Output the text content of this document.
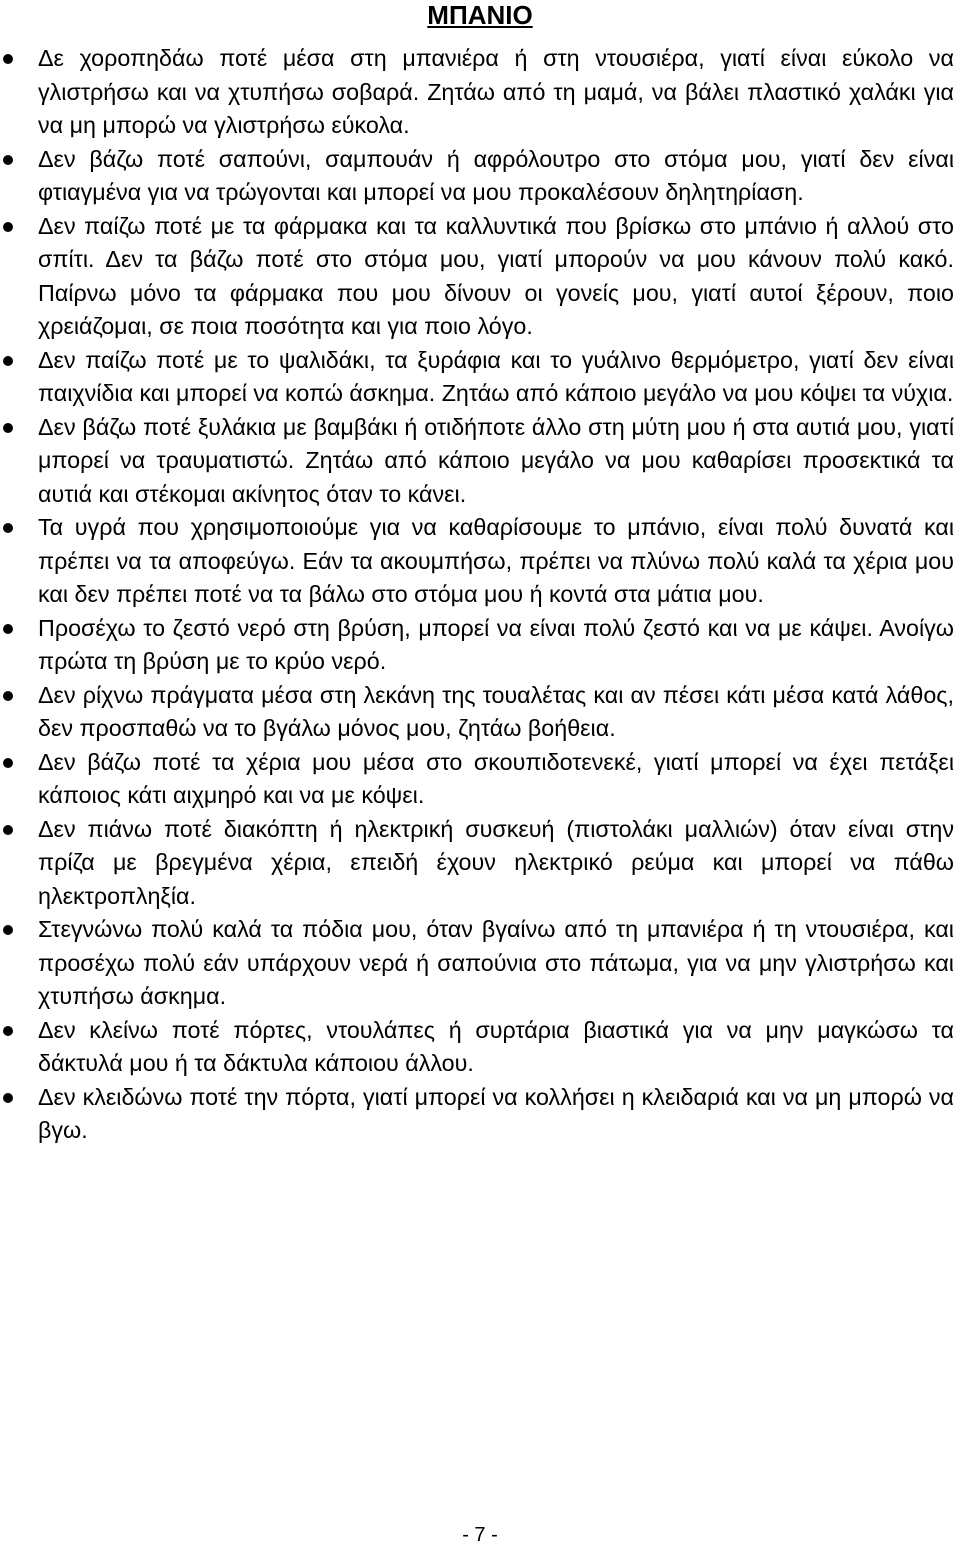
ΜΠΑΝΙΟ
Δε χοροπηδάω ποτέ μέσα στη μπανιέρα ή στη ντουσιέρα, γιατί είναι εύκολο να γλιστρήσω και να χτυπήσω σοβαρά. Ζητάω από τη μαμά, να βάλει πλαστικό χαλάκι για να μη μπορώ να γλιστρήσω εύκολα.
Δεν βάζω ποτέ σαπούνι, σαμπουάν ή αφρόλουτρο στο στόμα μου, γιατί δεν είναι φτιαγμένα για να τρώγονται και μπορεί να μου προκαλέσουν δηλητηρίαση.
Δεν παίζω ποτέ με τα φάρμακα και τα καλλυντικά που βρίσκω στο μπάνιο ή αλλού στο σπίτι. Δεν τα βάζω ποτέ στο στόμα μου, γιατί μπορούν να μου κάνουν πολύ κακό. Παίρνω μόνο τα φάρμακα που μου δίνουν οι γονείς μου, γιατί αυτοί ξέρουν, ποιο χρειάζομαι, σε ποια ποσότητα και για ποιο λόγο.
Δεν παίζω ποτέ με το ψαλιδάκι, τα ξυράφια και το γυάλινο θερμόμετρο, γιατί δεν είναι παιχνίδια και μπορεί να κοπώ άσκημα. Ζητάω από κάποιο μεγάλο να μου κόψει τα νύχια.
Δεν βάζω ποτέ ξυλάκια με βαμβάκι ή οτιδήποτε άλλο στη μύτη μου ή στα αυτιά μου, γιατί μπορεί να τραυματιστώ. Ζητάω από κάποιο μεγάλο να μου καθαρίσει προσεκτικά τα αυτιά και στέκομαι ακίνητος όταν το κάνει.
Τα υγρά που χρησιμοποιούμε για να καθαρίσουμε το μπάνιο, είναι πολύ δυνατά και πρέπει να τα αποφεύγω. Εάν τα ακουμπήσω, πρέπει να πλύνω πολύ καλά τα χέρια μου και δεν πρέπει ποτέ να τα βάλω στο στόμα μου ή κοντά στα μάτια μου.
Προσέχω το ζεστό νερό στη βρύση, μπορεί να είναι πολύ ζεστό και να με κάψει. Ανοίγω πρώτα τη βρύση με το κρύο νερό.
Δεν ρίχνω πράγματα μέσα στη λεκάνη της τουαλέτας και αν πέσει κάτι μέσα κατά λάθος, δεν προσπαθώ να το βγάλω μόνος μου, ζητάω βοήθεια.
Δεν βάζω ποτέ τα χέρια μου μέσα στο σκουπιδοτενεκέ, γιατί μπορεί να έχει πετάξει κάποιος κάτι αιχμηρό και να με κόψει.
Δεν πιάνω ποτέ διακόπτη ή ηλεκτρική συσκευή (πιστολάκι μαλλιών) όταν είναι στην πρίζα με βρεγμένα χέρια, επειδή έχουν ηλεκτρικό ρεύμα και μπορεί να πάθω ηλεκτροπληξία.
Στεγνώνω πολύ καλά τα πόδια μου, όταν βγαίνω από τη μπανιέρα ή τη ντουσιέρα, και προσέχω πολύ εάν υπάρχουν νερά ή σαπούνια στο πάτωμα, για να μην γλιστρήσω και χτυπήσω άσκημα.
Δεν κλείνω ποτέ πόρτες, ντουλάπες ή συρτάρια βιαστικά για να μην μαγκώσω τα δάκτυλά μου ή τα δάκτυλα κάποιου άλλου.
Δεν κλειδώνω ποτέ την πόρτα, γιατί μπορεί να κολλήσει η κλειδαριά και να μη μπορώ να βγω.
- 7 -
